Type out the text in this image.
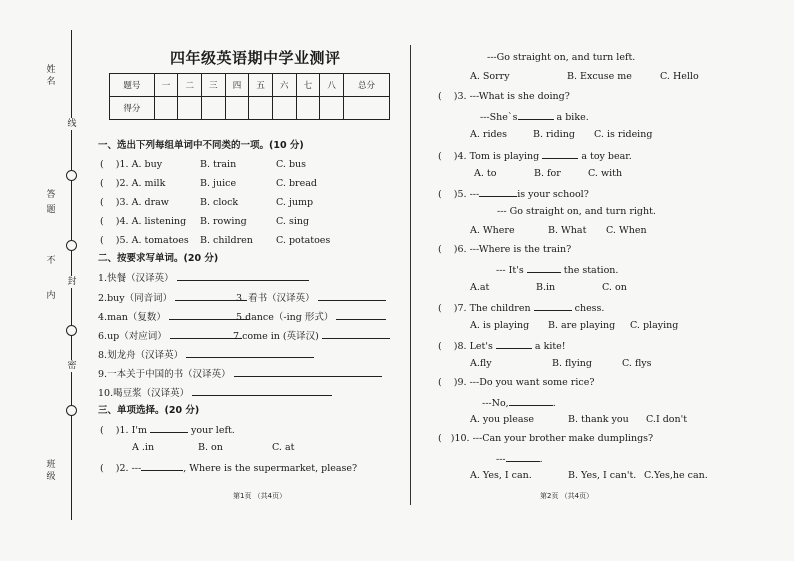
线
封
密
答
题
不
内
姓
名
班
级
四年级英语期中学业测评
题号	一	二	三	四	五	六	七	八	总分
得分									
一、选出下列每组单词中不同类的一项。(10 分)
(    )1. A. buy	B. train	C. bus
(    )2. A. milk	B. juice	C. bread
(    )3. A. draw	B. clock	C. jump
(    )4. A. listening B. rowing	C. sing
(    )5. A. tomatoes B. children C. potatoes
二、按要求写单词。(20 分)
1.快餐（汉译英）
2.buy（同音词）	3. 看书（汉译英）
4.man（复数）	5.dance（-ing 形式）
6.up（对应词）	7.come in (英译汉)
8.划龙舟（汉译英）
9.一本关于中国的书（汉译英）
10.喝豆浆（汉译英）
三、单项选择。(20 分)
(    )1. I'm	your left.
A .in	B. on	C. at
(    )2. ---	, Where is the supermarket, please?
第1页 （共4页）
---Go straight on, and turn left.
A. Sorry	B. Excuse me	C. Hello
(    )3. ---What is she doing?
---She`s	a bike.
A. rides	B. riding C. is rideing
(    )4. Tom is playing	a toy bear.
A. to	B. for	C. with
(    )5. ---	is your school?
--- Go straight on, and turn right.
A. Where	B. What C. When
(    )6. ---Where is the train?
--- It's	the station.
A.at	B.in	C. on
(    )7. The children	chess.
A. is playing B. are playing C. playing
(    )8. Let's	a kite!
A.fly	B. flying	C. flys
(    )9. ---Do you want some rice?
---No,	.
A. you please	B. thank you C.I don't
(   )10. ---Can your brother make dumplings?
---	.
A. Yes, I can.	B. Yes, I can't. C.Yes,he can.
第2页 （共4页）
